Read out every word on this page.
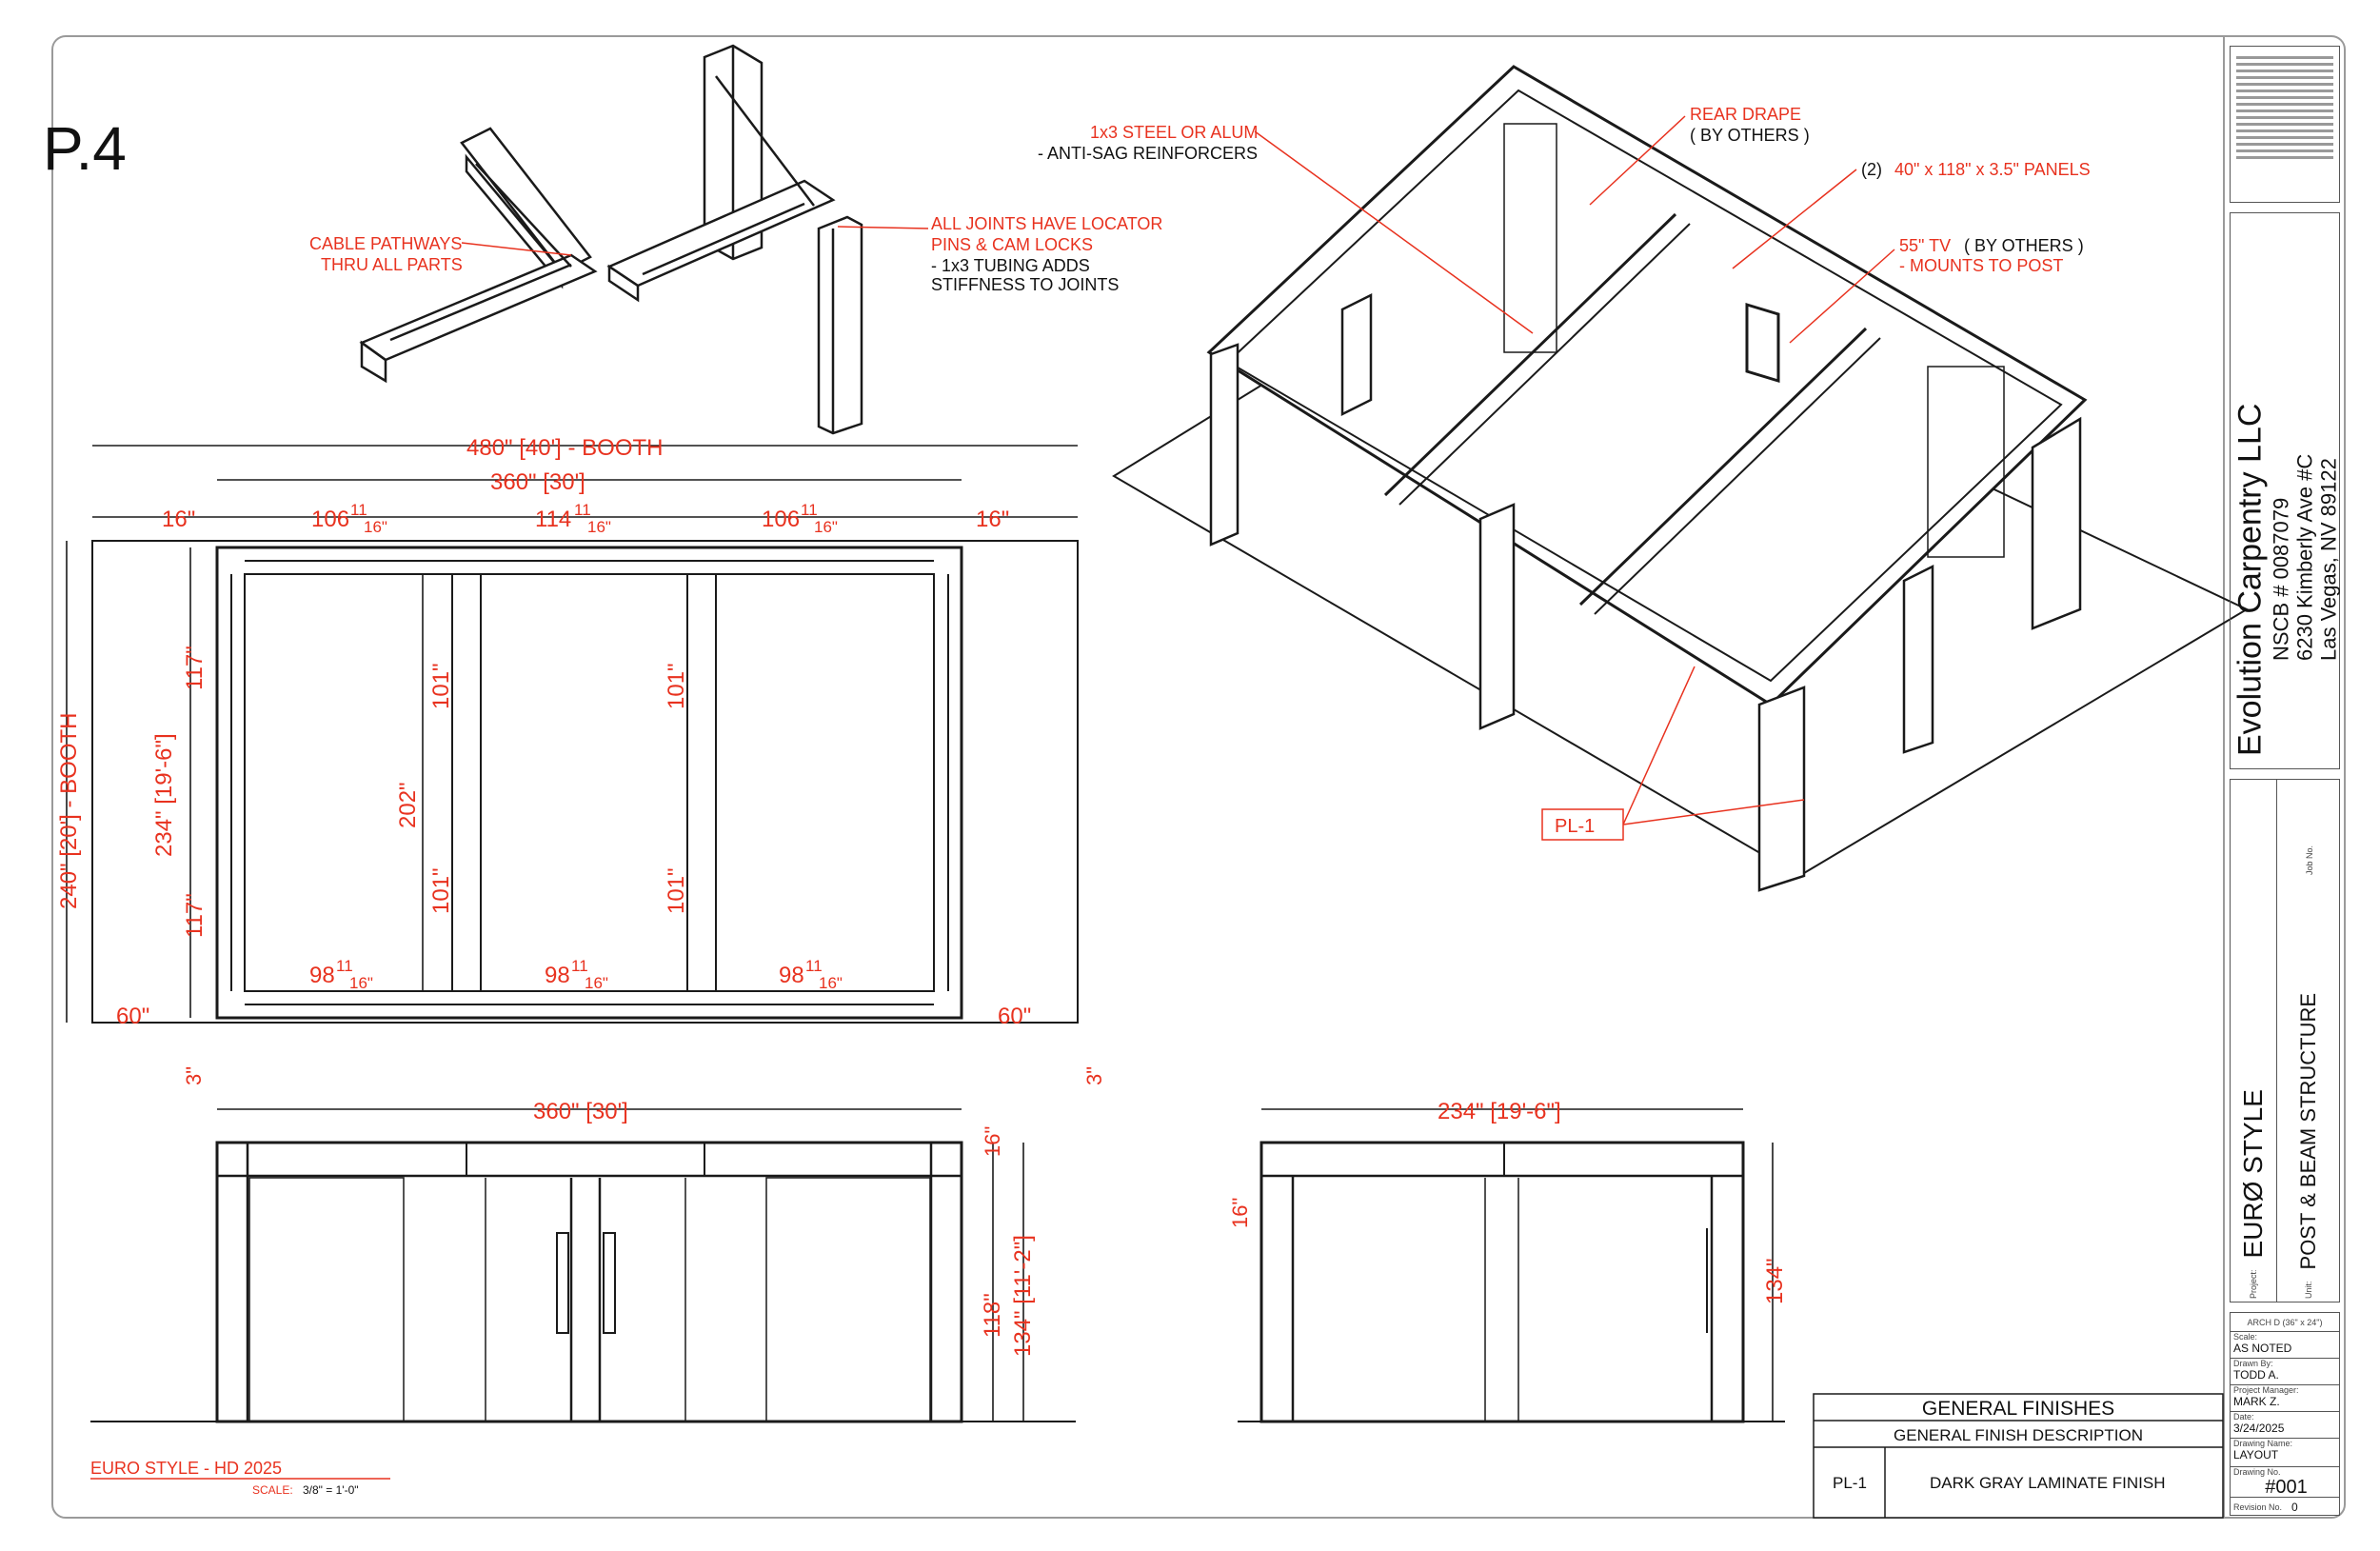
P.4
CABLE PATHWAYS
THRU ALL PARTS
ALL JOINTS HAVE LOCATOR
PINS & CAM LOCKS
- 1x3 TUBING ADDS
STIFFNESS TO JOINTS
1x3 STEEL OR ALUM
- ANTI-SAG REINFORCERS
REAR DRAPE
( BY OTHERS )
(2) 40" x 118" x 3.5" PANELS
55" TV ( BY OTHERS )
- MOUNTS TO POST
PL-1
480" [40'] - BOOTH
360" [30']
16"	16"
106 11
16"	114 11
16"	106 11
16"
98 11
16"	98 11
16"	98 11
16"
60"	60"
3"	3"
240" [20'] - BOOTH	234" [19'-6"]
117"
117"
202"
101"
101"
101"
101"
360" [30']
16"
118" 134" [11'-2"]
234" [19'-6"]
16"
134"
EURO STYLE - HD 2025
SCALE: 3/8" = 1'-0"
GENERAL FINISHES
GENERAL FINISH DESCRIPTION
PL-1	DARK GRAY LAMINATE FINISH
Evolution Carpentry LLC NSCB # 0087079 6230 Kimberly Ave #C Las Vegas, NV 89122
Project:
EURØ STYLE
Unit:
POST & BEAM STRUCTURE
Job No.
ARCH D (36" x 24")
Scale:
AS NOTED
Drawn By:
TODD A.
Project Manager:
MARK Z.
Date:
3/24/2025
Drawing Name:
LAYOUT
Drawing No.
#001
Revision No. 0
